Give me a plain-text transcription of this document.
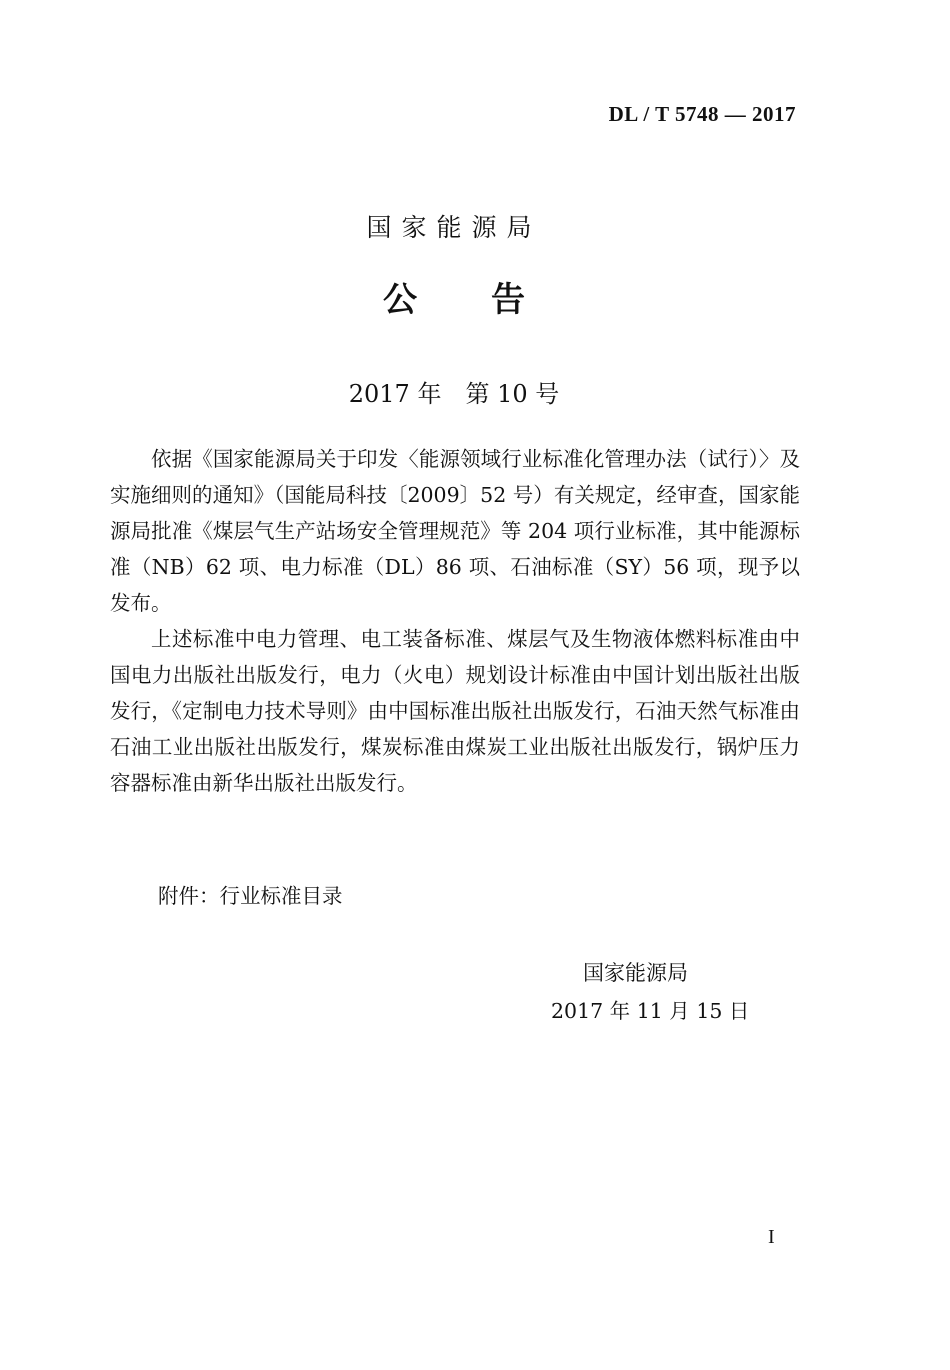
DL / T 5748 — 2017
国家能源局
公告
2017 年　第 10 号

依据《国家能源局关于印发〈能源领域行业标准化管理办法（试行）〉及实施细则的通知》（国能局科技〔2009〕52 号）有关规定，经审查，国家能源局批准《煤层气生产站场安全管理规范》等 204 项行业标准，其中能源标准（NB）62 项、电力标准（DL）86 项、石油标准（SY）56 项，现予以发布。

上述标准中电力管理、电工装备标准、煤层气及生物液体燃料标准由中国电力出版社出版发行，电力（火电）规划设计标准由中国计划出版社出版发行，《定制电力技术导则》由中国标准出版社出版发行，石油天然气标准由石油工业出版社出版发行，煤炭标准由煤炭工业出版社出版发行，锅炉压力容器标准由新华出版社出版发行。

附件：行业标准目录
国家能源局
2017 年 11 月 15 日
I
